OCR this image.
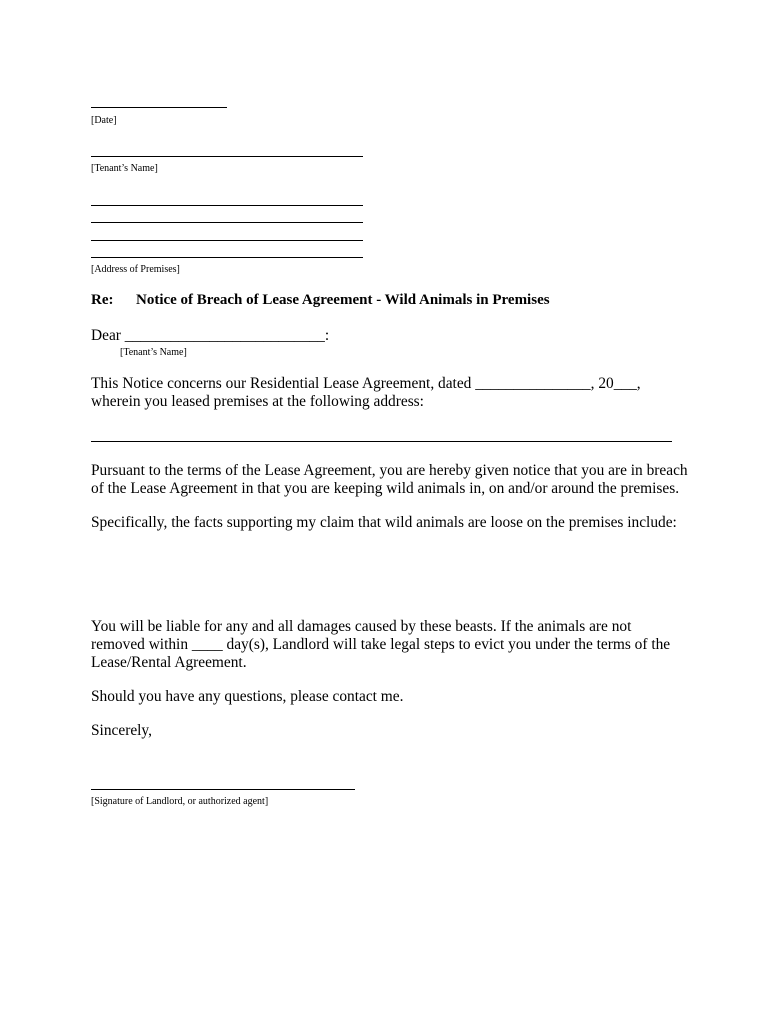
[Date]
[Tenant’s Name]
[Address of Premises]
Re: Notice of Breach of Lease Agreement - Wild Animals in Premises
Dear __________________________:
[Tenant’s Name]
This Notice concerns our Residential Lease Agreement, dated _______________, 20___,
wherein you leased premises at the following address:
Pursuant to the terms of the Lease Agreement, you are hereby given notice that you are in breach
of the Lease Agreement in that you are keeping wild animals in, on and/or around the premises.
Specifically, the facts supporting my claim that wild animals are loose on the premises include:
You will be liable for any and all damages caused by these beasts. If the animals are not
removed within ____ day(s), Landlord will take legal steps to evict you under the terms of the
Lease/Rental Agreement.
Should you have any questions, please contact me.
Sincerely,
[Signature of Landlord, or authorized agent]
